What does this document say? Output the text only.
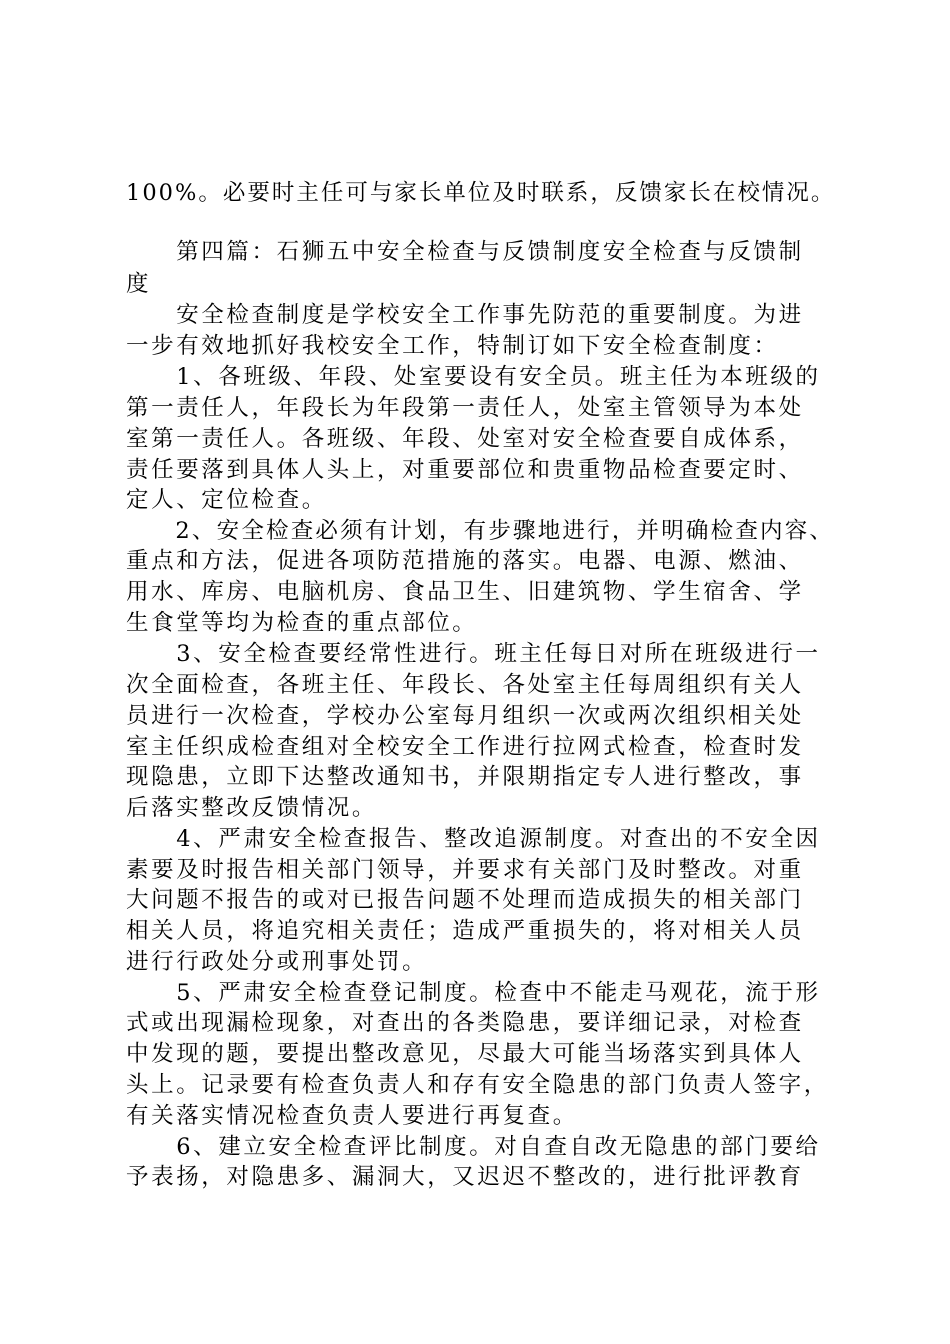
100%。必要时主任可与家长单位及时联系，反馈家长在校情况。
　　第四篇：石狮五中安全检查与反馈制度安全检查与反馈制
度
　　安全检查制度是学校安全工作事先防范的重要制度。为进
一步有效地抓好我校安全工作，特制订如下安全检查制度：
　　1、各班级、年段、处室要设有安全员。班主任为本班级的
第一责任人，年段长为年段第一责任人，处室主管领导为本处
室第一责任人。各班级、年段、处室对安全检查要自成体系，
责任要落到具体人头上，对重要部位和贵重物品检查要定时、
定人、定位检查。
　　2、安全检查必须有计划，有步骤地进行，并明确检查内容、
重点和方法，促进各项防范措施的落实。电器、电源、燃油、
用水、库房、电脑机房、食品卫生、旧建筑物、学生宿舍、学
生食堂等均为检查的重点部位。
　　3、安全检查要经常性进行。班主任每日对所在班级进行一
次全面检查，各班主任、年段长、各处室主任每周组织有关人
员进行一次检查，学校办公室每月组织一次或两次组织相关处
室主任织成检查组对全校安全工作进行拉网式检查，检查时发
现隐患，立即下达整改通知书，并限期指定专人进行整改，事
后落实整改反馈情况。
　　4、严肃安全检查报告、整改追源制度。对查出的不安全因
素要及时报告相关部门领导，并要求有关部门及时整改。对重
大问题不报告的或对已报告问题不处理而造成损失的相关部门
相关人员，将追究相关责任；造成严重损失的，将对相关人员
进行行政处分或刑事处罚。
　　5、严肃安全检查登记制度。检查中不能走马观花，流于形
式或出现漏检现象，对查出的各类隐患，要详细记录，对检查
中发现的题，要提出整改意见，尽最大可能当场落实到具体人
头上。记录要有检查负责人和存有安全隐患的部门负责人签字，
有关落实情况检查负责人要进行再复查。
　　6、建立安全检查评比制度。对自查自改无隐患的部门要给
予表扬，对隐患多、漏洞大，又迟迟不整改的，进行批评教育
